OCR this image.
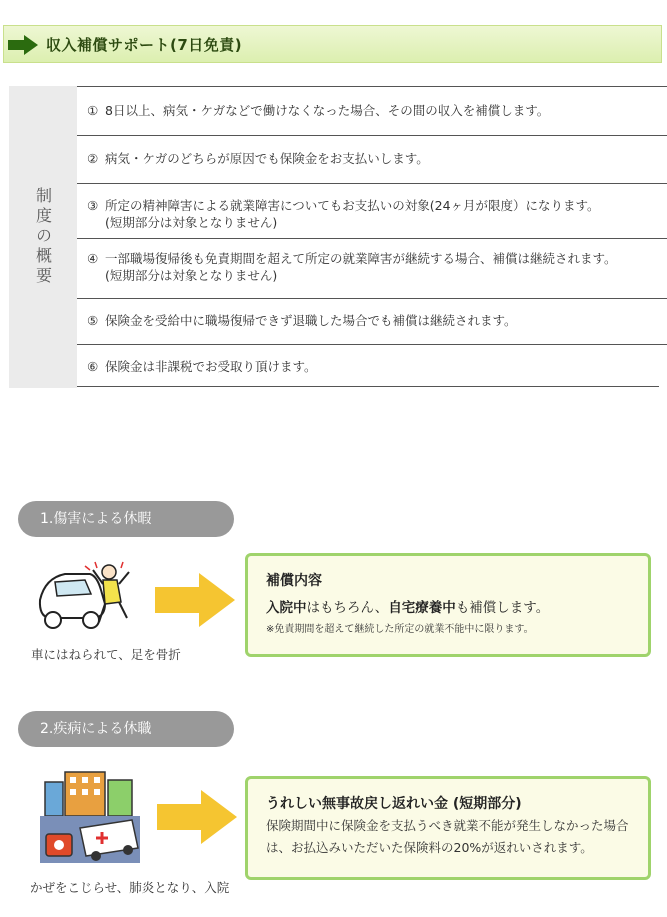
収入補償サポート(7日免責)
制度の概要
① 8日以上、病気・ケガなどで働けなくなった場合、その間の収入を補償します。
② 病気・ケガのどちらが原因でも保険金をお支払いします。
③ 所定の精神障害による就業障害についてもお支払いの対象(24ヶ月が限度）になります。
(短期部分は対象となりません)
④ 一部職場復帰後も免責期間を超えて所定の就業障害が継続する場合、補償は継続されます。
(短期部分は対象となりません)
⑤ 保険金を受給中に職場復帰できず退職した場合でも補償は継続されます。
⑥ 保険金は非課税でお受取り頂けます。
1.傷害による休暇
車にはねられて、足を骨折
補償内容
入院中はもちろん、自宅療養中も補償します。
※免責期間を超えて継続した所定の就業不能中に限ります。
2.疾病による休職
かぜをこじらせ、肺炎となり、入院
うれしい無事故戻し返れい金 (短期部分)
保険期間中に保険金を支払うべき就業不能が発生しなかった場合は、お払込みいただいた保険料の20%が返れいされます。
